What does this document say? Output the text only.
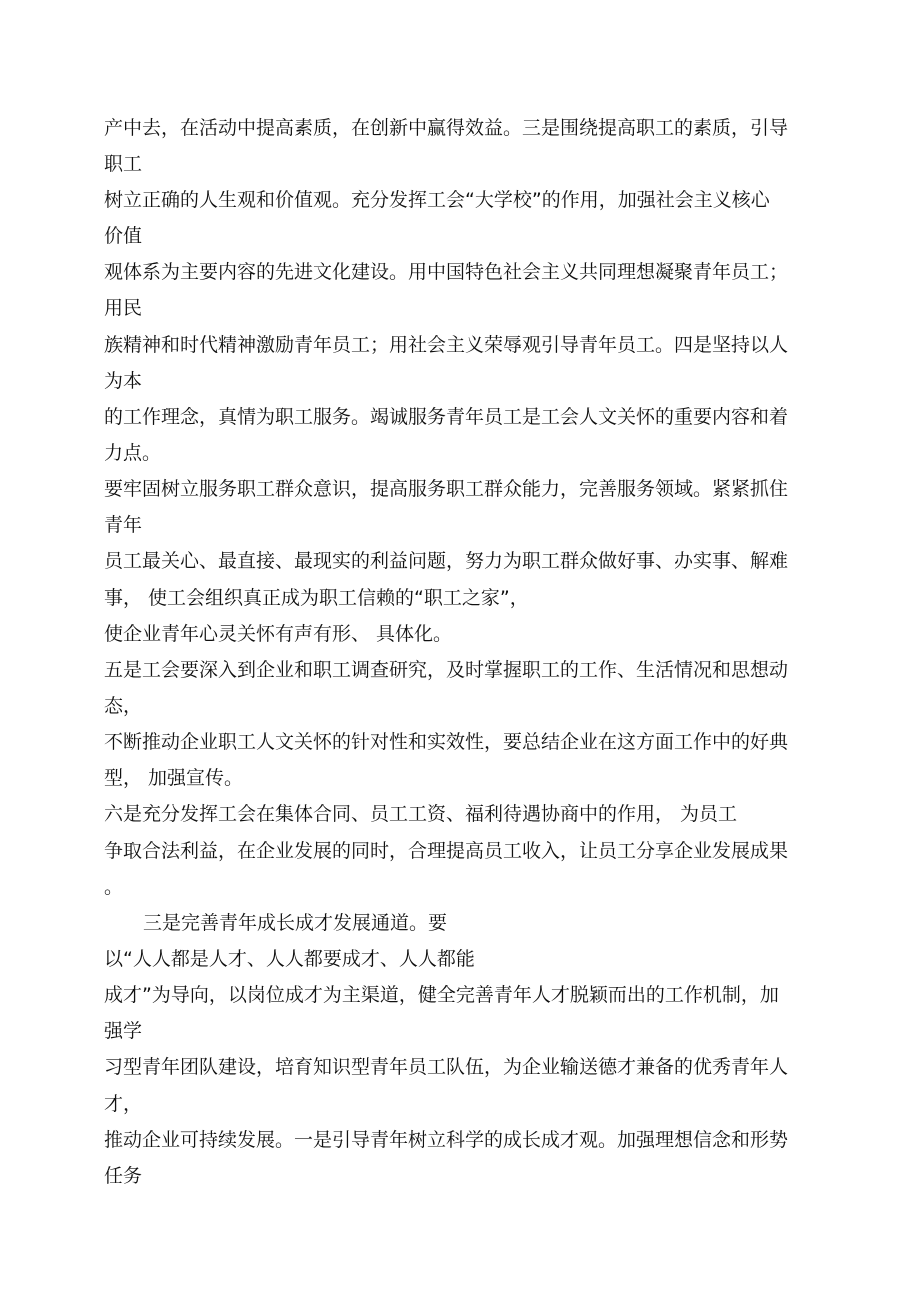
产中去，在活动中提高素质，在创新中赢得效益。三是围绕提高职工的素质，引导
职工
树立正确的人生观和价值观。充分发挥工会“大学校”的作用，加强社会主义核心
价值
观体系为主要内容的先进文化建设。用中国特色社会主义共同理想凝聚青年员工；
用民
族精神和时代精神激励青年员工；用社会主义荣辱观引导青年员工。四是坚持以人
为本
的工作理念，真情为职工服务。竭诚服务青年员工是工会人文关怀的重要内容和着
力点。
要牢固树立服务职工群众意识，提高服务职工群众能力，完善服务领域。紧紧抓住
青年
员工最关心、最直接、最现实的利益问题，努力为职工群众做好事、办实事、解难
事， 使工会组织真正成为职工信赖的“职工之家”，
使企业青年心灵关怀有声有形、 具体化。
五是工会要深入到企业和职工调查研究，及时掌握职工的工作、生活情况和思想动
态，
不断推动企业职工人文关怀的针对性和实效性，要总结企业在这方面工作中的好典
型， 加强宣传。
六是充分发挥工会在集体合同、员工工资、福利待遇协商中的作用， 为员工
争取合法利益，在企业发展的同时，合理提高员工收入，让员工分享企业发展成果
。
三是完善青年成长成才发展通道。要
以“人人都是人才、人人都要成才、人人都能
成才”为导向，以岗位成才为主渠道，健全完善青年人才脱颖而出的工作机制，加
强学
习型青年团队建设，培育知识型青年员工队伍，为企业输送德才兼备的优秀青年人
才，
推动企业可持续发展。一是引导青年树立科学的成长成才观。加强理想信念和形势
任务
